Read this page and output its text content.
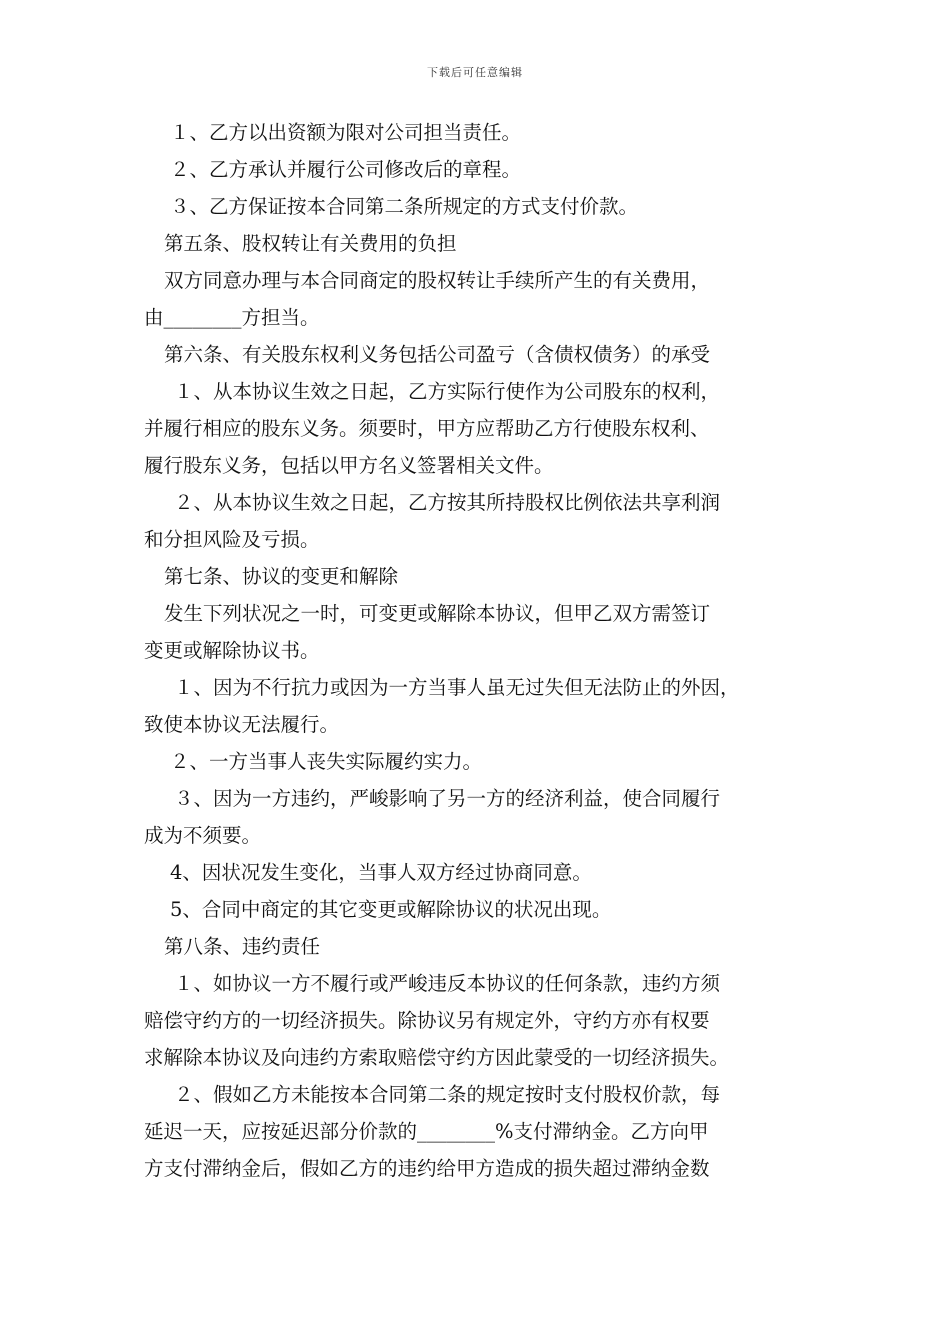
下载后可任意编辑
１、乙方以出资额为限对公司担当责任。
２、乙方承认并履行公司修改后的章程。
３、乙方保证按本合同第二条所规定的方式支付价款。
第五条、股权转让有关费用的负担
双方同意办理与本合同商定的股权转让手续所产生的有关费用，
由________方担当。
第六条、有关股东权利义务包括公司盈亏（含债权债务）的承受
１、从本协议生效之日起，乙方实际行使作为公司股东的权利，
并履行相应的股东义务。须要时，甲方应帮助乙方行使股东权利、
履行股东义务，包括以甲方名义签署相关文件。
２、从本协议生效之日起，乙方按其所持股权比例依法共享利润
和分担风险及亏损。
第七条、协议的变更和解除
发生下列状况之一时，可变更或解除本协议，但甲乙双方需签订
变更或解除协议书。
１、因为不行抗力或因为一方当事人虽无过失但无法防止的外因，
致使本协议无法履行。
２、一方当事人丧失实际履约实力。
３、因为一方违约，严峻影响了另一方的经济利益，使合同履行
成为不须要。
4、因状况发生变化，当事人双方经过协商同意。
5、合同中商定的其它变更或解除协议的状况出现。
第八条、违约责任
１、如协议一方不履行或严峻违反本协议的任何条款，违约方须
赔偿守约方的一切经济损失。除协议另有规定外，守约方亦有权要
求解除本协议及向违约方索取赔偿守约方因此蒙受的一切经济损失。
２、假如乙方未能按本合同第二条的规定按时支付股权价款，每
延迟一天，应按延迟部分价款的________%支付滞纳金。乙方向甲
方支付滞纳金后，假如乙方的违约给甲方造成的损失超过滞纳金数
